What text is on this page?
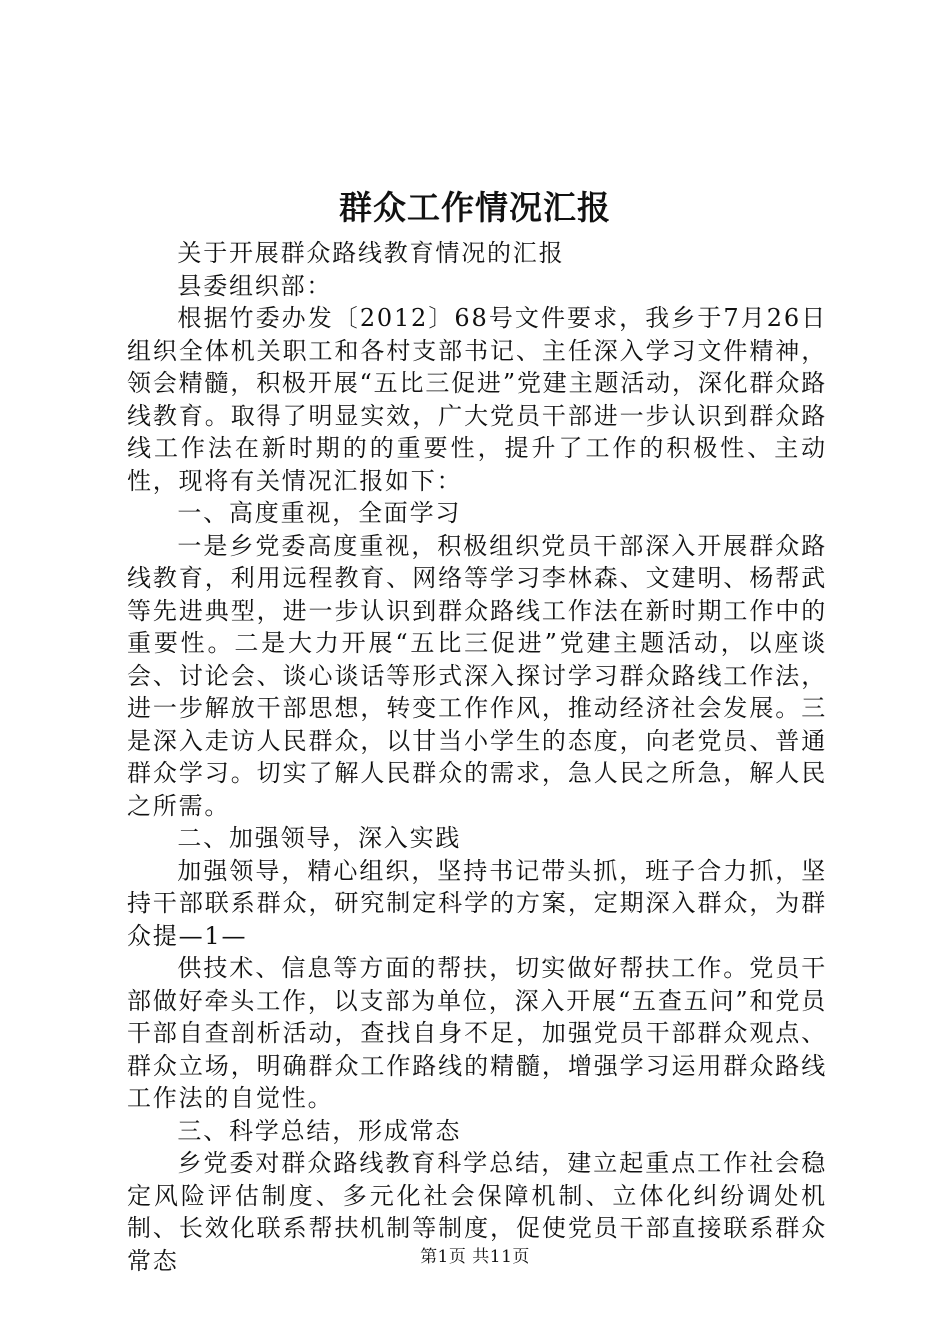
群众工作情况汇报

关于开展群众路线教育情况的汇报

县委组织部：

根据竹委办发〔2012〕68号文件要求，我乡于7月26日组织全体机关职工和各村支部书记、主任深入学习文件精神，领会精髓，积极开展“五比三促进”党建主题活动，深化群众路线教育。取得了明显实效，广大党员干部进一步认识到群众路线工作法在新时期的的重要性，提升了工作的积极性、主动性，现将有关情况汇报如下：

一、高度重视，全面学习

一是乡党委高度重视，积极组织党员干部深入开展群众路线教育，利用远程教育、网络等学习李林森、文建明、杨帮武等先进典型，进一步认识到群众路线工作法在新时期工作中的重要性。二是大力开展“五比三促进”党建主题活动，以座谈会、讨论会、谈心谈话等形式深入探讨学习群众路线工作法，进一步解放干部思想，转变工作作风，推动经济社会发展。三是深入走访人民群众，以甘当小学生的态度，向老党员、普通群众学习。切实了解人民群众的需求，急人民之所急，解人民之所需。

二、加强领导，深入实践

加强领导，精心组织，坚持书记带头抓，班子合力抓，坚持干部联系群众，研究制定科学的方案，定期深入群众，为群众提—1—

供技术、信息等方面的帮扶，切实做好帮扶工作。党员干部做好牵头工作，以支部为单位，深入开展“五查五问”和党员干部自查剖析活动，查找自身不足，加强党员干部群众观点、群众立场，明确群众工作路线的精髓，增强学习运用群众路线工作法的自觉性。

三、科学总结，形成常态

乡党委对群众路线教育科学总结，建立起重点工作社会稳定风险评估制度、多元化社会保障机制、立体化纠纷调处机制、长效化联系帮扶机制等制度，促使党员干部直接联系群众常态	第1页 共11页
